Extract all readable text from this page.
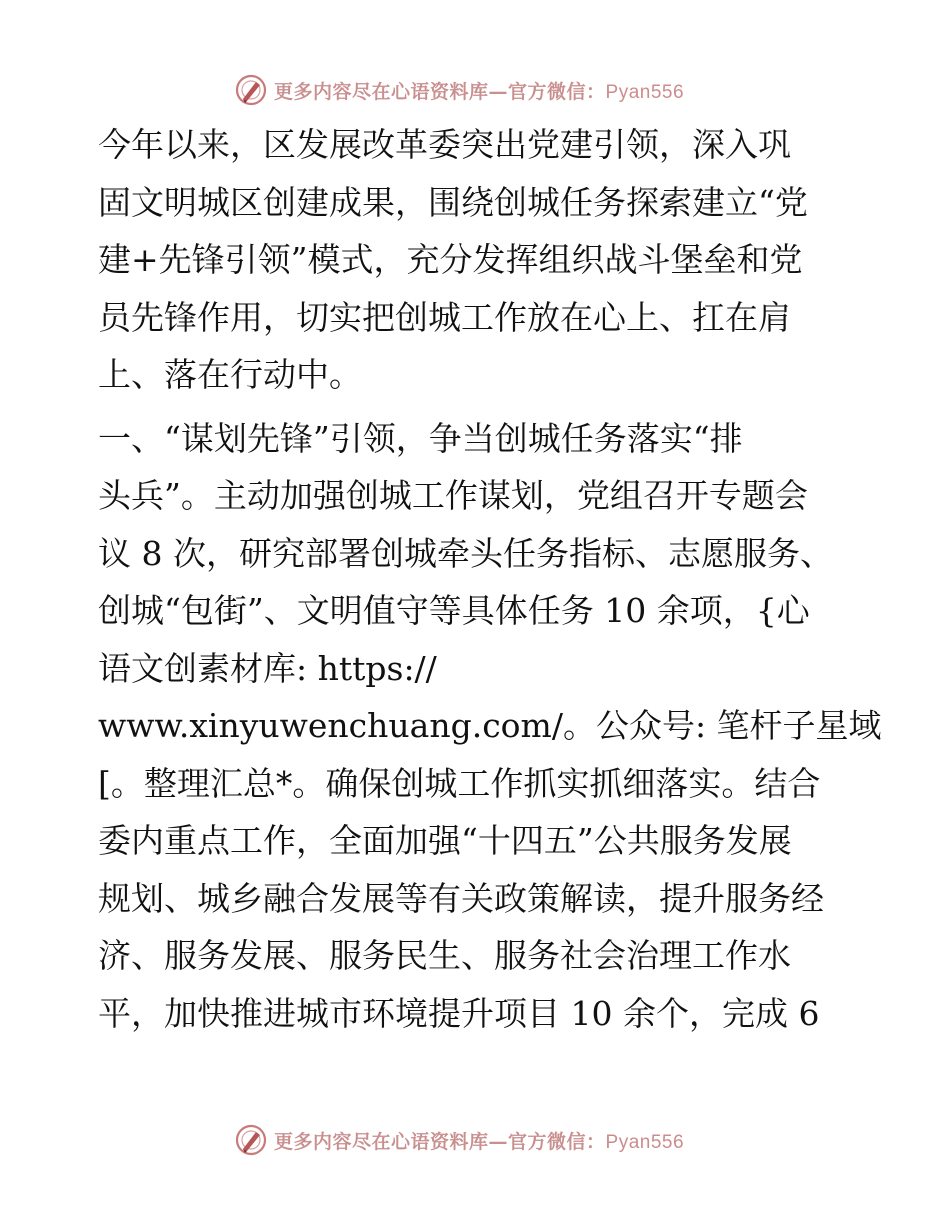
更多内容尽在心语资料库—官方微信：Pyan556

今年以来，区发展改革委突出党建引领，深入巩
固文明城区创建成果，围绕创城任务探索建立“党
建+先锋引领”模式，充分发挥组织战斗堡垒和党
员先锋作用，切实把创城工作放在心上、扛在肩
上、落在行动中。

一、“谋划先锋”引领，争当创城任务落实“排
头兵”。主动加强创城工作谋划，党组召开专题会
议 8 次，研究部署创城牵头任务指标、志愿服务、
创城“包街”、文明值守等具体任务 10 余项，{心
语文创素材库: https://
www.xinyuwenchuang.com/。公众号: 笔杆子星域
[。整理汇总*。确保创城工作抓实抓细落实。结合
委内重点工作，全面加强“十四五”公共服务发展
规划、城乡融合发展等有关政策解读，提升服务经
济、服务发展、服务民生、服务社会治理工作水
平，加快推进城市环境提升项目 10 余个，完成 6

更多内容尽在心语资料库—官方微信：Pyan556
